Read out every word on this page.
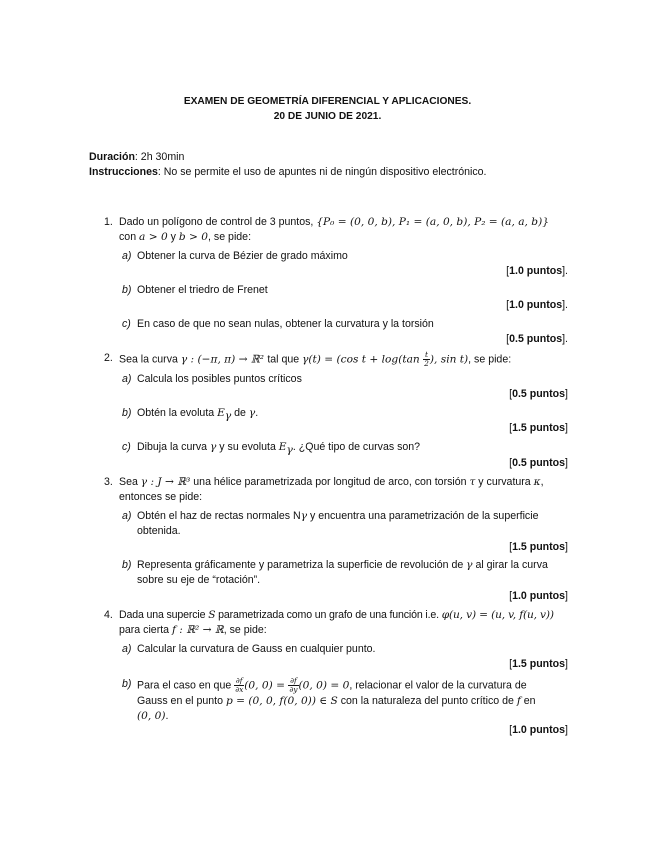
EXAMEN DE GEOMETRÍA DIFERENCIAL Y APLICACIONES.
20 DE JUNIO DE 2021.
Duración: 2h 30min
Instrucciones: No se permite el uso de apuntes ni de ningún dispositivo electrónico.
1. Dado un polígono de control de 3 puntos, {P₀ = (0, 0, b), P₁ = (a, 0, b), P₂ = (a, a, b)}
con a > 0 y b > 0, se pide:
a) Obtener la curva de Bézier de grado máximo
[1.0 puntos].
b) Obtener el triedro de Frenet
[1.0 puntos].
c) En caso de que no sean nulas, obtener la curvatura y la torsión
[0.5 puntos].
2. Sea la curva γ : (−π, π) → ℝ² tal que γ(t) = (cos $t + \log(\tan \frac{t}{2}$ ), sin t), se pide:
a) Calcula los posibles puntos críticos
[0.5 puntos]
b) Obtén la evoluta $E_\gamma$ de γ.
[1.5 puntos]
c) Dibuja la curva γ y su evoluta $E_\gamma$. ¿Qué tipo de curvas son?
[0.5 puntos]
3. Sea γ : J → ℝ³ una hélice parametrizada por longitud de arco, con torsión τ y curvatura κ,
entonces se pide:
a) Obtén el haz de rectas normales Nγ y encuentra una parametrización de la superficie
obtenida.
[1.5 puntos]
b) Representa gráficamente y parametriza la superficie de revolución de γ al girar la curva
sobre su eje de “rotación”.
[1.0 puntos]
4. Dada una supercie S parametrizada como un grafo de una función i.e. φ(u, v) = (u, v, f(u, v))
para cierta f : ℝ² → ℝ, se pide:
a) Calcular la curvatura de Gauss en cualquier punto.
[1.5 puntos]
b) Para el caso en que $\frac{\partial f}{\partial x} (0$, $0) = \frac{\partial f}{\partial y} (0$, 0) = 0, relacionar el valor de la curvatura de
Gauss en el punto p = (0, 0, f(0, 0)) ∈ S con la naturaleza del punto crítico de f en
(0, 0).
[1.0 puntos]
